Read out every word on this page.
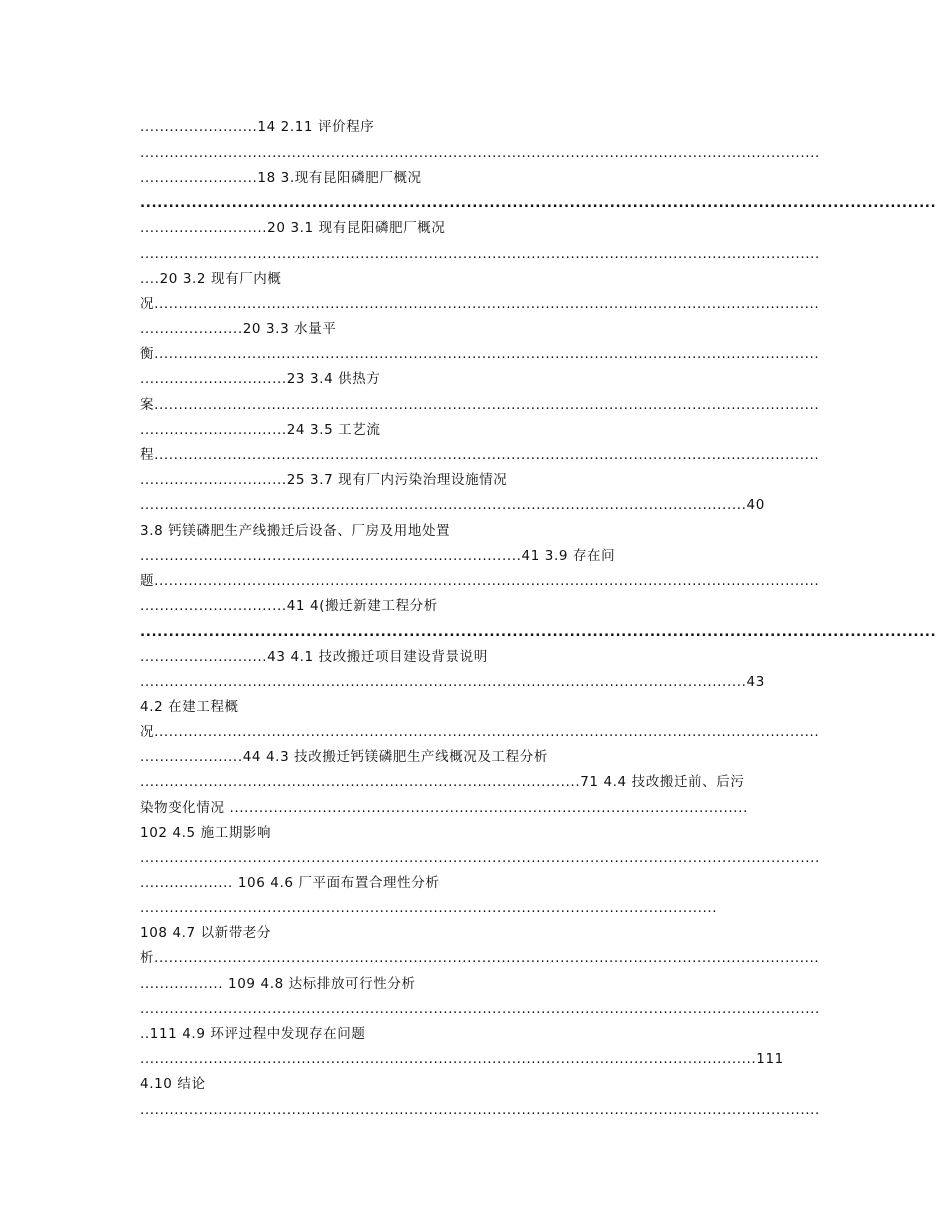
........................14 2.11 评价程序
...........................................................................................................................................
........................18 3.现有昆阳磷肥厂概况
...........................................................................................................................................
..........................20 3.1 现有昆阳磷肥厂概况
...........................................................................................................................................
....20 3.2 现有厂内概
况........................................................................................................................................
.....................20 3.3 水量平
衡........................................................................................................................................
..............................23 3.4 供热方
案........................................................................................................................................
..............................24 3.5 工艺流
程........................................................................................................................................
..............................25 3.7 现有厂内污染治理设施情况
............................................................................................................................40
3.8 钙镁磷肥生产线搬迁后设备、厂房及用地处置
..............................................................................41 3.9 存在问
题........................................................................................................................................
..............................41 4(搬迁新建工程分析
...........................................................................................................................................
..........................43 4.1 技改搬迁项目建设背景说明
............................................................................................................................43
4.2 在建工程概
况........................................................................................................................................
.....................44 4.3 技改搬迁钙镁磷肥生产线概况及工程分析
..........................................................................................71 4.4 技改搬迁前、后污
染物变化情况 ..........................................................................................................
102 4.5 施工期影响
...........................................................................................................................................
................... 106 4.6 厂平面布置合理性分析
......................................................................................................................
108 4.7 以新带老分
析........................................................................................................................................
................. 109 4.8 达标排放可行性分析
...........................................................................................................................................
..111 4.9 环评过程中发现存在问题
..............................................................................................................................111
4.10 结论
...........................................................................................................................................
